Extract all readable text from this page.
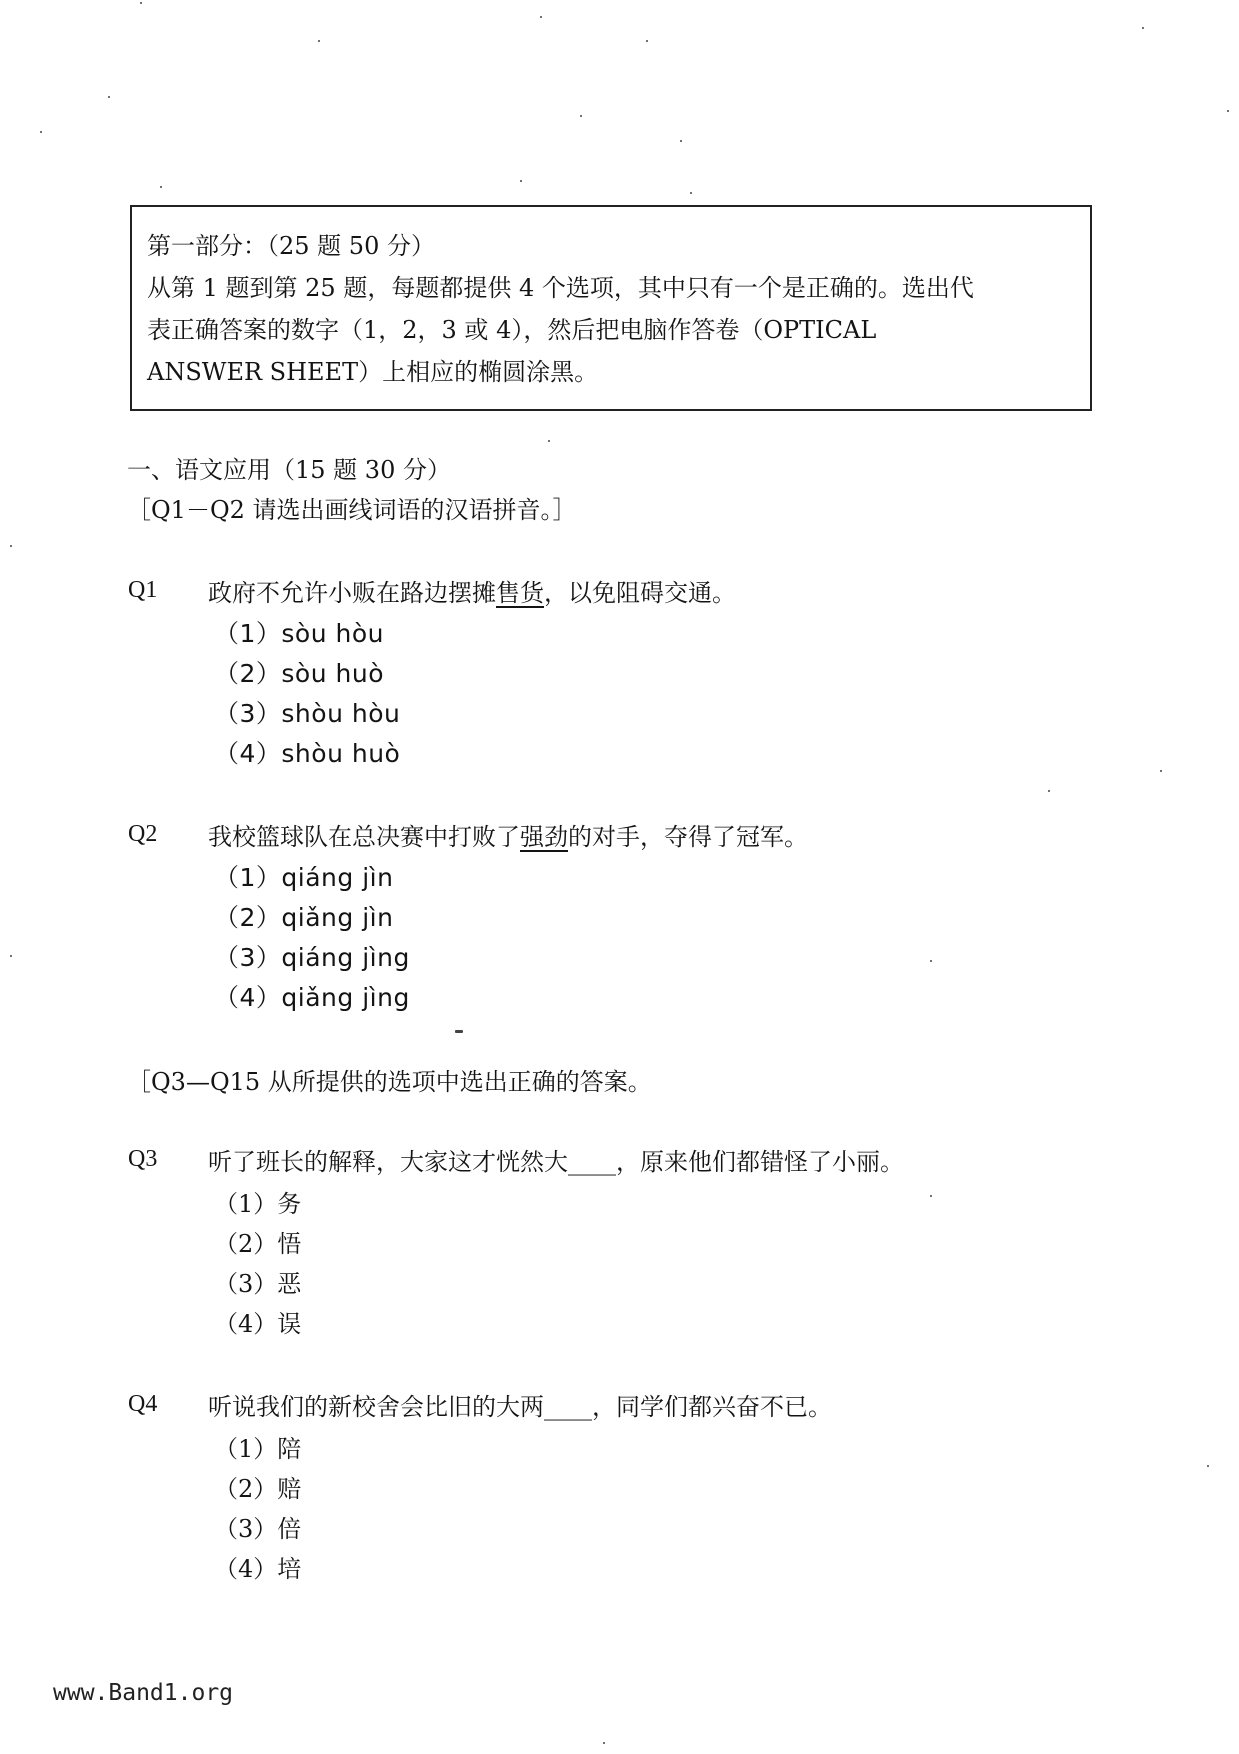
第一部分：（25 题 50 分）
从第 1 题到第 25 题，每题都提供 4 个选项，其中只有一个是正确的。选出代
表正确答案的数字（1，2，3 或 4），然后把电脑作答卷（OPTICAL
ANSWER SHEET）上相应的椭圆涂黑。
一、语文应用（15 题 30 分）
［Q1－Q2 请选出画线词语的汉语拼音。］
Q1	政府不允许小贩在路边摆摊售货，以免阻碍交通。
（1）sòu hòu
（2）sòu huò
（3）shòu hòu
（4）shòu huò
Q2	我校篮球队在总决赛中打败了强劲的对手，夺得了冠军。
（1）qiáng jìn
（2）qiǎng jìn
（3）qiáng jìng
（4）qiǎng jìng
［Q3—Q15 从所提供的选项中选出正确的答案。
Q3	听了班长的解释，大家这才恍然大____，原来他们都错怪了小丽。
（1）务
（2）悟
（3）恶
（4）误
Q4	听说我们的新校舍会比旧的大两____，同学们都兴奋不已。
（1）陪
（2）赔
（3）倍
（4）培
www.Band1.org
